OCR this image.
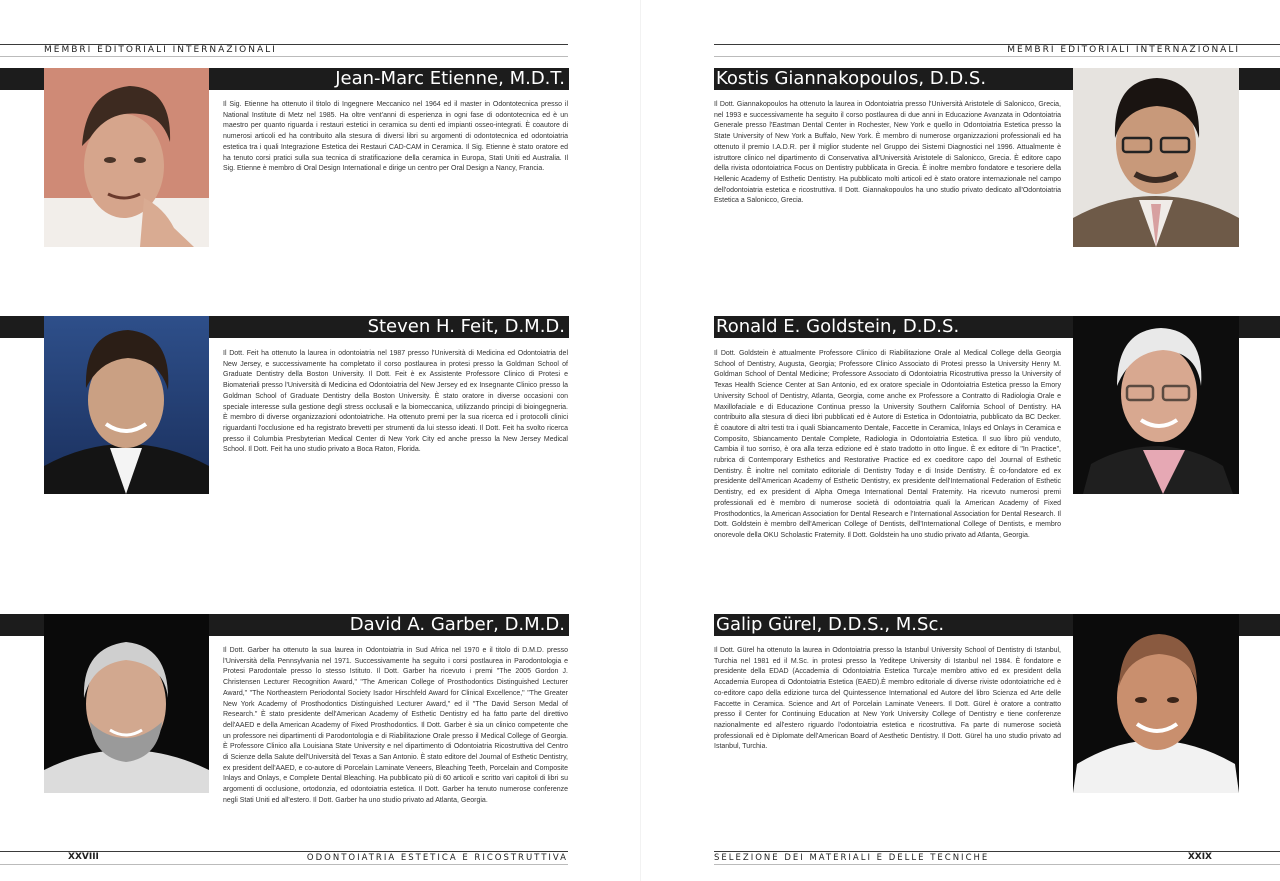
MEMBRI EDITORIALI INTERNAZIONALI	MEMBRI EDITORIALI INTERNAZIONALI
Jean-Marc Etienne, M.D.T.
Il Sig. Etienne ha ottenuto il titolo di Ingegnere Meccanico nel 1964 ed il master in Odontotecnica presso il National Institute di Metz nel 1985. Ha oltre vent'anni di esperienza in ogni fase di odontotecnica ed è un maestro per quanto riguarda i restauri estetici in ceramica su denti ed impianti osseo-integrati. È coautore di numerosi articoli ed ha contribuito alla stesura di diversi libri su argomenti di odontotecnica ed odontoiatria estetica tra i quali Integrazione Estetica dei Restauri CAD-CAM in Ceramica. Il Sig. Etienne è stato oratore ed ha tenuto corsi pratici sulla sua tecnica di stratificazione della ceramica in Europa, Stati Uniti ed Australia. Il Sig. Etienne è membro di Oral Design International e dirige un centro per Oral Design a Nancy, Francia.
Kostis Giannakopoulos, D.D.S.
Il Dott. Giannakopoulos ha ottenuto la laurea in Odontoiatria presso l'Università Aristotele di Salonicco, Grecia, nel 1993 e successivamente ha seguito il corso postlaurea di due anni in Educazione Avanzata in Odontoiatria Generale presso l'Eastman Dental Center in Rochester, New York e quello in Odontoiatria Estetica presso la State University of New York a Buffalo, New York. È membro di numerose organizzazioni professionali ed ha ottenuto il premio I.A.D.R. per il miglior studente nel Gruppo dei Sistemi Diagnostici nel 1996. Attualmente è istruttore clinico nel dipartimento di Conservativa all'Università Aristotele di Salonicco, Grecia. È editore capo della rivista odontoiatrica Focus on Dentistry pubblicata in Grecia. È inoltre membro fondatore e tesoriere della Hellenic Academy of Esthetic Dentistry. Ha pubblicato molti articoli ed è stato oratore internazionale nel campo dell'odontoiatria estetica e ricostruttiva. Il Dott. Giannakopoulos ha uno studio privato dedicato all'Odontoiatria Estetica a Salonicco, Grecia.
Steven H. Feit, D.M.D.
Il Dott. Feit ha ottenuto la laurea in odontoiatria nel 1987 presso l'Università di Medicina ed Odontoiatria del New Jersey, e successivamente ha completato il corso postlaurea in protesi presso la Goldman School of Graduate Dentistry della Boston University. Il Dott. Feit è ex Assistente Professore Clinico di Protesi e Biomateriali presso l'Università di Medicina ed Odontoiatria del New Jersey ed ex Insegnante Clinico presso la Goldman School of Graduate Dentistry della Boston University. È stato oratore in diverse occasioni con speciale interesse sulla gestione degli stress occlusali e la biomeccanica, utilizzando principi di bioingegneria. È membro di diverse organizzazioni odontoiatriche. Ha ottenuto premi per la sua ricerca ed i protocolli clinici riguardanti l'occlusione ed ha registrato brevetti per strumenti da lui stesso ideati. Il Dott. Feit ha svolto ricerca presso il Columbia Presbyterian Medical Center di New York City ed anche presso la New Jersey Medical School. Il Dott. Feit ha uno studio privato a Boca Raton, Florida.
Ronald E. Goldstein, D.D.S.
Il Dott. Goldstein è attualmente Professore Clinico di Riabilitazione Orale al Medical College della Georgia School of Dentistry, Augusta, Georgia; Professore Clinico Associato di Protesi presso la University Henry M. Goldman School of Dental Medicine; Professore Associato di Odontoiatria Ricostruttiva presso la University of Texas Health Science Center at San Antonio, ed ex oratore speciale in Odontoiatria Estetica presso la Emory University School of Dentistry, Atlanta, Georgia, come anche ex Professore a Contratto di Radiologia Orale e Maxillofaciale e di Educazione Continua presso la University Southern California School of Dentistry. HA contribuito alla stesura di dieci libri pubblicati ed è Autore di Estetica in Odontoiatria, pubblicato da BC Decker. È coautore di altri testi tra i quali Sbiancamento Dentale, Faccette in Ceramica, Inlays ed Onlays in Ceramica e Composito, Sbiancamento Dentale Complete, Radiologia in Odontoiatria Estetica. Il suo libro più venduto, Cambia il tuo sorriso, è ora alla terza edizione ed è stato tradotto in otto lingue. È ex editore di "In Practice", rubrica di Contemporary Esthetics and Restorative Practice ed ex coeditore capo del Journal of Esthetic Dentistry. È inoltre nel comitato editoriale di Dentistry Today e di Inside Dentistry. È co-fondatore ed ex presidente dell'American Academy of Esthetic Dentistry, ex presidente dell'International Federation of Esthetic Dentistry, ed ex president di Alpha Omega International Dental Fraternity. Ha ricevuto numerosi premi professionali ed è membro di numerose società di odontoiatria quali la American Academy of Fixed Prosthodontics, la American Association for Dental Research e l'International Association for Dental Research. Il Dott. Goldstein è membro dell'American College of Dentists, dell'International College of Dentists, e membro onorevole della OKU Scholastic Fraternity. Il Dott. Goldstein ha uno studio privato ad Atlanta, Georgia.
David A. Garber, D.M.D.
Il Dott. Garber ha ottenuto la sua laurea in Odontoiatria in Sud Africa nel 1970 e il titolo di D.M.D. presso l'Università della Pennsylvania nel 1971. Successivamente ha seguito i corsi postlaurea in Parodontologia e Protesi Parodontale presso lo stesso Istituto. Il Dott. Garber ha ricevuto i premi "The 2005 Gordon J. Christensen Lecturer Recognition Award," "The American College of Prosthodontics Distinguished Lecturer Award," "The Northeastern Periodontal Society Isador Hirschfeld Award for Clinical Excellence," "The Greater New York Academy of Prosthodontics Distinguished Lecturer Award," ed il "The David Serson Medal of Research." È stato presidente dell'American Academy of Esthetic Dentistry ed ha fatto parte del direttivo dell'AAED e della American Academy of Fixed Prosthodontics. Il Dott. Garber è sia un clinico competente che un professore nei dipartimenti di Parodontologia e di Riabilitazione Orale presso il Medical College of Georgia. È Professore Clinico alla Louisiana State University e nel dipartimento di Odontoiatria Ricostruttiva del Centro di Scienze della Salute dell'Università del Texas a San Antonio. È stato editore del Journal of Esthetic Dentistry, ex president dell'AAED, e co-autore di Porcelain Laminate Veneers, Bleaching Teeth, Porcelain and Composite Inlays and Onlays, e Complete Dental Bleaching. Ha pubblicato più di 60 articoli e scritto vari capitoli di libri su argomenti di occlusione, ortodonzia, ed odontoiatria estetica. Il Dott. Garber ha tenuto numerose conferenze negli Stati Uniti ed all'estero. Il Dott. Garber ha uno studio privato ad Atlanta, Georgia.
Galip Gürel, D.D.S., M.Sc.
Il Dott. Gürel ha ottenuto la laurea in Odontoiatria presso la Istanbul University School of Dentistry di Istanbul, Turchia nel 1981 ed il M.Sc. in protesi presso la Yeditepe University di Istanbul nel 1984. È fondatore e presidente della EDAD (Accademia di Odontoiatria Estetica Turca)e membro attivo ed ex president della Accademia Europea di Odontoiatria Estetica (EAED).È membro editoriale di diverse riviste odontoiatriche ed è co-editore capo della edizione turca del Quintessence International ed Autore del libro Scienza ed Arte delle Faccette in Ceramica. Science and Art of Porcelain Laminate Veneers. Il Dott. Gürel è oratore a contratto presso il Center for Continuing Education at New York University College of Dentistry e tiene conferenze nazionalmente ed all'estero riguardo l'odontoiatria estetica e ricostruttiva. Fa parte di numerose società professionali ed è Diplomate dell'American Board of Aesthetic Dentistry. Il Dott. Gürel ha uno studio privato ad Istanbul, Turchia.
XXVIII	ODONTOIATRIA ESTETICA E RICOSTRUTTIVA	SELEZIONE DEI MATERIALI E DELLE TECNICHE	XXIX
